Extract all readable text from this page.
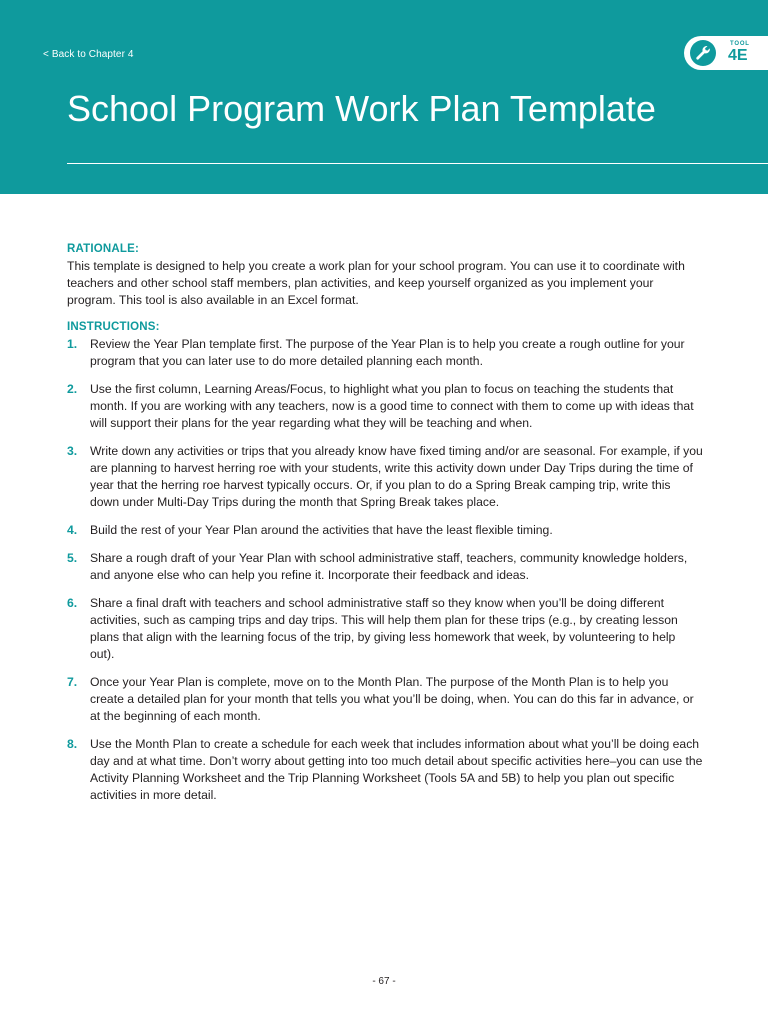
< Back to Chapter 4
School Program Work Plan Template
TOOL
4E

RATIONALE:

This template is designed to help you create a work plan for your school program. You can use it to coordinate with teachers and other school staff members, plan activities, and keep yourself organized as you implement your program. This tool is also available in an Excel format.

INSTRUCTIONS:

1. Review the Year Plan template first. The purpose of the Year Plan is to help you create a rough outline for your program that you can later use to do more detailed planning each month.
2. Use the first column, Learning Areas/Focus, to highlight what you plan to focus on teaching the students that month. If you are working with any teachers, now is a good time to connect with them to come up with ideas that will support their plans for the year regarding what they will be teaching and when.
3. Write down any activities or trips that you already know have fixed timing and/or are seasonal. For example, if you are planning to harvest herring roe with your students, write this activity down under Day Trips during the time of year that the herring roe harvest typically occurs. Or, if you plan to do a Spring Break camping trip, write this down under Multi-Day Trips during the month that Spring Break takes place.
4. Build the rest of your Year Plan around the activities that have the least flexible timing.
5. Share a rough draft of your Year Plan with school administrative staff, teachers, community knowledge holders, and anyone else who can help you refine it. Incorporate their feedback and ideas.
6. Share a final draft with teachers and school administrative staff so they know when you’ll be doing different activities, such as camping trips and day trips. This will help them plan for these trips (e.g., by creating lesson plans that align with the learning focus of the trip, by giving less homework that week, by volunteering to help out).
7. Once your Year Plan is complete, move on to the Month Plan. The purpose of the Month Plan is to help you create a detailed plan for your month that tells you what you’ll be doing, when. You can do this far in advance, or at the beginning of each month.
8. Use the Month Plan to create a schedule for each week that includes information about what you’ll be doing each day and at what time. Don’t worry about getting into too much detail about specific activities here–you can use the Activity Planning Worksheet and the Trip Planning Worksheet (Tools 5A and 5B) to help you plan out specific activities in more detail.
- 67 -
